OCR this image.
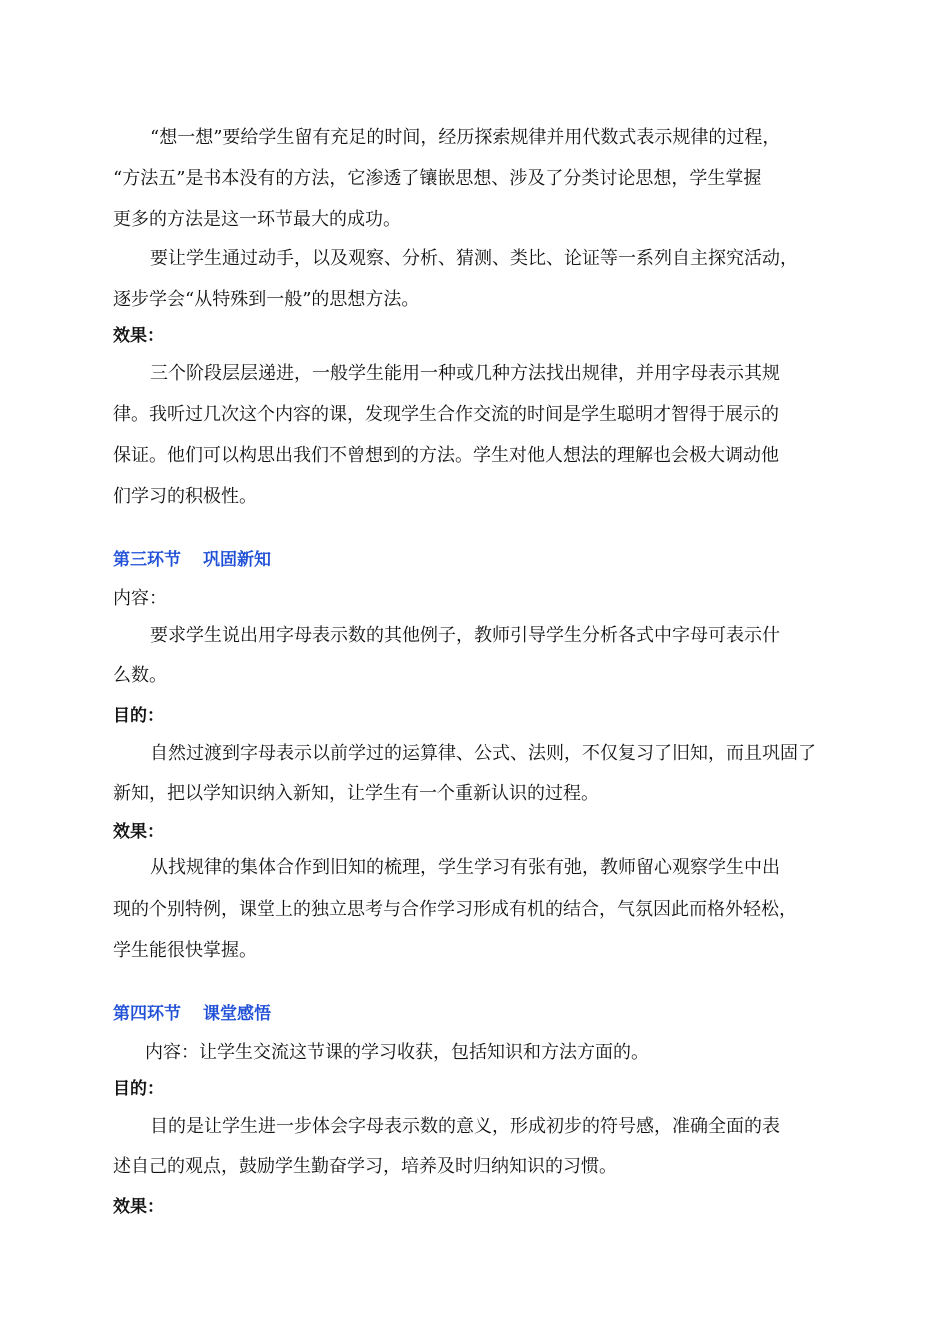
“想一想”要给学生留有充足的时间，经历探索规律并用代数式表示规律的过程，
“方法五”是书本没有的方法，它渗透了镶嵌思想、涉及了分类讨论思想，学生掌握
更多的方法是这一环节最大的成功。
要让学生通过动手，以及观察、分析、猜测、类比、论证等一系列自主探究活动，
逐步学会“从特殊到一般”的思想方法。
效果：
三个阶段层层递进，一般学生能用一种或几种方法找出规律，并用字母表示其规
律。我听过几次这个内容的课，发现学生合作交流的时间是学生聪明才智得于展示的
保证。他们可以构思出我们不曾想到的方法。学生对他人想法的理解也会极大调动他
们学习的积极性。
第三环节 巩固新知
内容：
要求学生说出用字母表示数的其他例子，教师引导学生分析各式中字母可表示什
么数。
目的：
自然过渡到字母表示以前学过的运算律、公式、法则，不仅复习了旧知，而且巩固了
新知，把以学知识纳入新知，让学生有一个重新认识的过程。
效果：
从找规律的集体合作到旧知的梳理，学生学习有张有弛，教师留心观察学生中出
现的个别特例，课堂上的独立思考与合作学习形成有机的结合，气氛因此而格外轻松，
学生能很快掌握。
第四环节 课堂感悟
内容：让学生交流这节课的学习收获，包括知识和方法方面的。
目的：
目的是让学生进一步体会字母表示数的意义，形成初步的符号感，准确全面的表
述自己的观点，鼓励学生勤奋学习，培养及时归纳知识的习惯。
效果：
